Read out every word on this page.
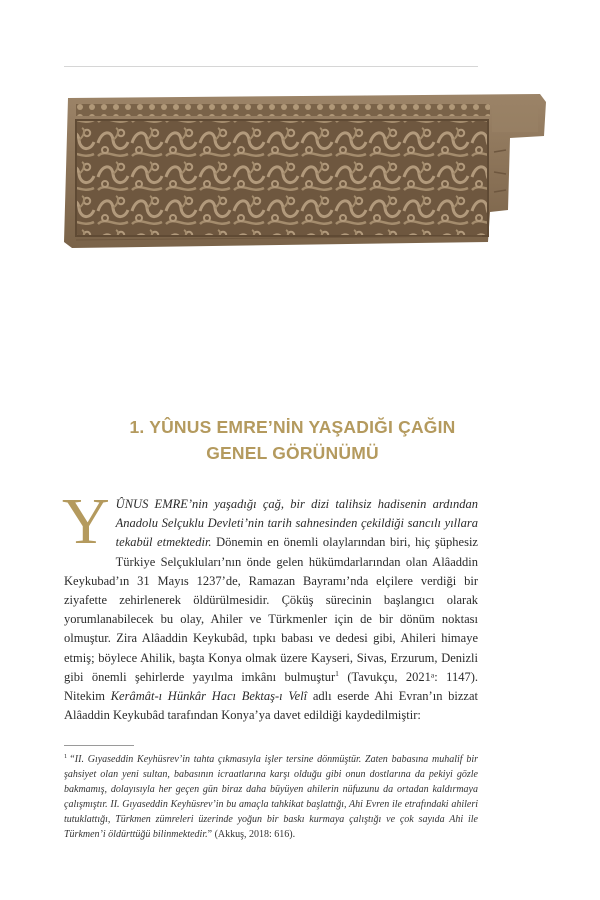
1. YÛNUS EMRE’NİN YAŞADIĞI ÇAĞIN
GENEL GÖRÜNÜMÜ

YÛNUS EMRE’nin yaşadığı çağ, bir dizi talihsiz hadisenin ardından Anadolu Selçuklu Devleti’nin tarih sahnesinden çekildiği sancılı yıllara tekabül etmektedir. Dönemin en önemli olaylarından biri, hiç şüphesiz Türkiye Selçukluları’nın önde gelen hükümdarlarından olan Alâaddin Keykubad’ın 31 Mayıs 1237’de, Ramazan Bayramı’nda elçilere verdiği bir ziyafette zehirlenerek öldürülmesidir. Çöküş sürecinin başlangıcı olarak yorumlanabilecek bu olay, Ahiler ve Türkmenler için de bir dönüm noktası olmuştur. Zira Alâaddin Keykubâd, tıpkı babası ve dedesi gibi, Ahileri himaye etmiş; böylece Ahilik, başta Konya olmak üzere Kayseri, Sivas, Erzurum, Denizli gibi önemli şehirlerde yayılma imkânı bulmuştur$^1$ (Tavukçu, 2021ᵃ: 1147). Nitekim Kerâmât-ı Hünkâr Hacı Bektaş-ı Velî adlı eserde Ahi Evran’ın bizzat Alâaddin Keykubâd tarafından Konya’ya davet edildiği kaydedilmiştir:

$^1$ “II. Gıyaseddin Keyhüsrev’in tahta çıkmasıyla işler tersine dönmüştür. Zaten babasına muhalif bir şahsiyet olan yeni sultan, babasının icraatlarına karşı olduğu gibi onun dostlarına da pekiyi gözle bakmamış, dolayısıyla her geçen gün biraz daha büyüyen ahilerin nüfuzunu da ortadan kaldırmaya çalışmıştır. II. Gıyaseddin Keyhüsrev’in bu amaçla tahkikat başlattığı, Ahi Evren ile etrafındaki ahileri tutuklattığı, Türkmen zümreleri üzerinde yoğun bir baskı kurmaya çalıştığı ve çok sayıda Ahi ile Türkmen’i öldürttüğü bilinmektedir.” (Akkuş, 2018: 616).
